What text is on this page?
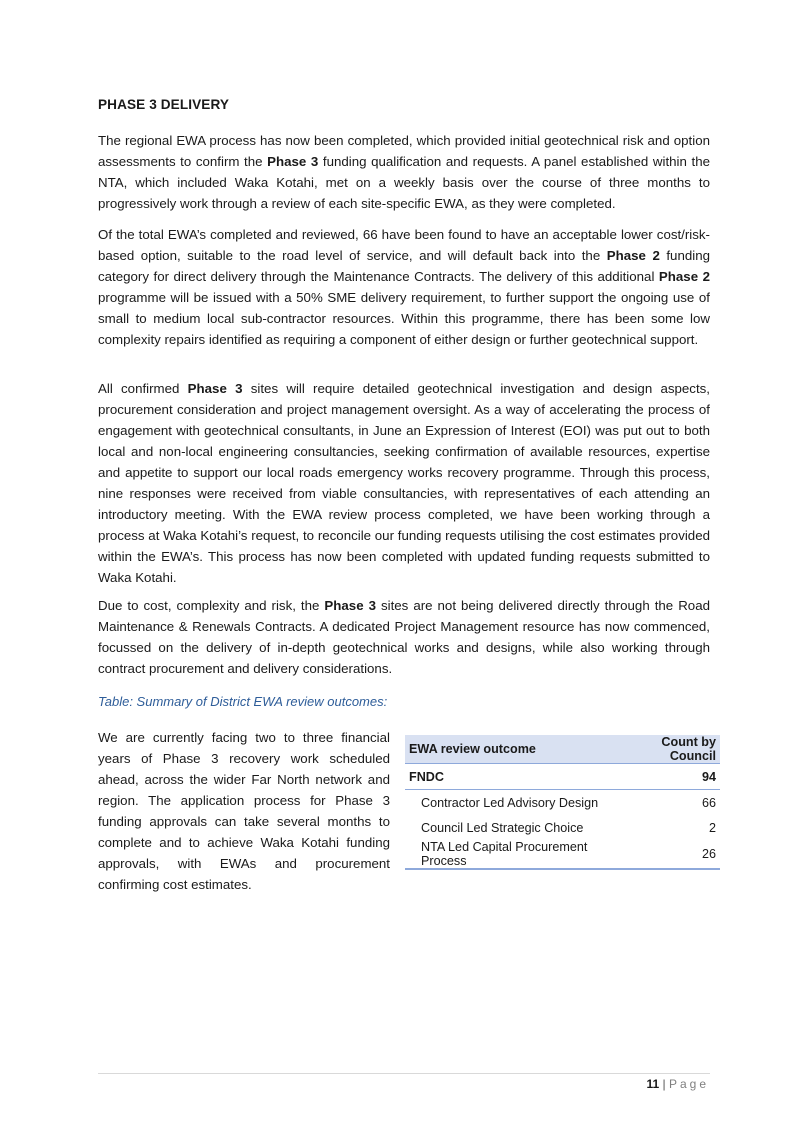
PHASE 3 DELIVERY

The regional EWA process has now been completed, which provided initial geotechnical risk and option assessments to confirm the Phase 3 funding qualification and requests. A panel established within the NTA, which included Waka Kotahi, met on a weekly basis over the course of three months to progressively work through a review of each site-specific EWA, as they were completed.

Of the total EWA’s completed and reviewed, 66 have been found to have an acceptable lower cost/risk-based option, suitable to the road level of service, and will default back into the Phase 2 funding category for direct delivery through the Maintenance Contracts. The delivery of this additional Phase 2 programme will be issued with a 50% SME delivery requirement, to further support the ongoing use of small to medium local sub-contractor resources. Within this programme, there has been some low complexity repairs identified as requiring a component of either design or further geotechnical support.

All confirmed Phase 3 sites will require detailed geotechnical investigation and design aspects, procurement consideration and project management oversight. As a way of accelerating the process of engagement with geotechnical consultants, in June an Expression of Interest (EOI) was put out to both local and non-local engineering consultancies, seeking confirmation of available resources, expertise and appetite to support our local roads emergency works recovery programme. Through this process, nine responses were received from viable consultancies, with representatives of each attending an introductory meeting. With the EWA review process completed, we have been working through a process at Waka Kotahi’s request, to reconcile our funding requests utilising the cost estimates provided within the EWA’s. This process has now been completed with updated funding requests submitted to Waka Kotahi.

Due to cost, complexity and risk, the Phase 3 sites are not being delivered directly through the Road Maintenance & Renewals Contracts. A dedicated Project Management resource has now commenced, focussed on the delivery of in-depth geotechnical works and designs, while also working through contract procurement and delivery considerations.

Table: Summary of District EWA review outcomes:

We are currently facing two to three financial years of Phase 3 recovery work scheduled ahead, across the wider Far North network and region. The application process for Phase 3 funding approvals can take several months to complete and to achieve Waka Kotahi funding approvals, with EWAs and procurement confirming cost estimates.

EWA review outcome	Count by Council
FNDC	94
Contractor Led Advisory Design	66
Council Led Strategic Choice	2
NTA Led Capital Procurement Process	26
11 | Page
